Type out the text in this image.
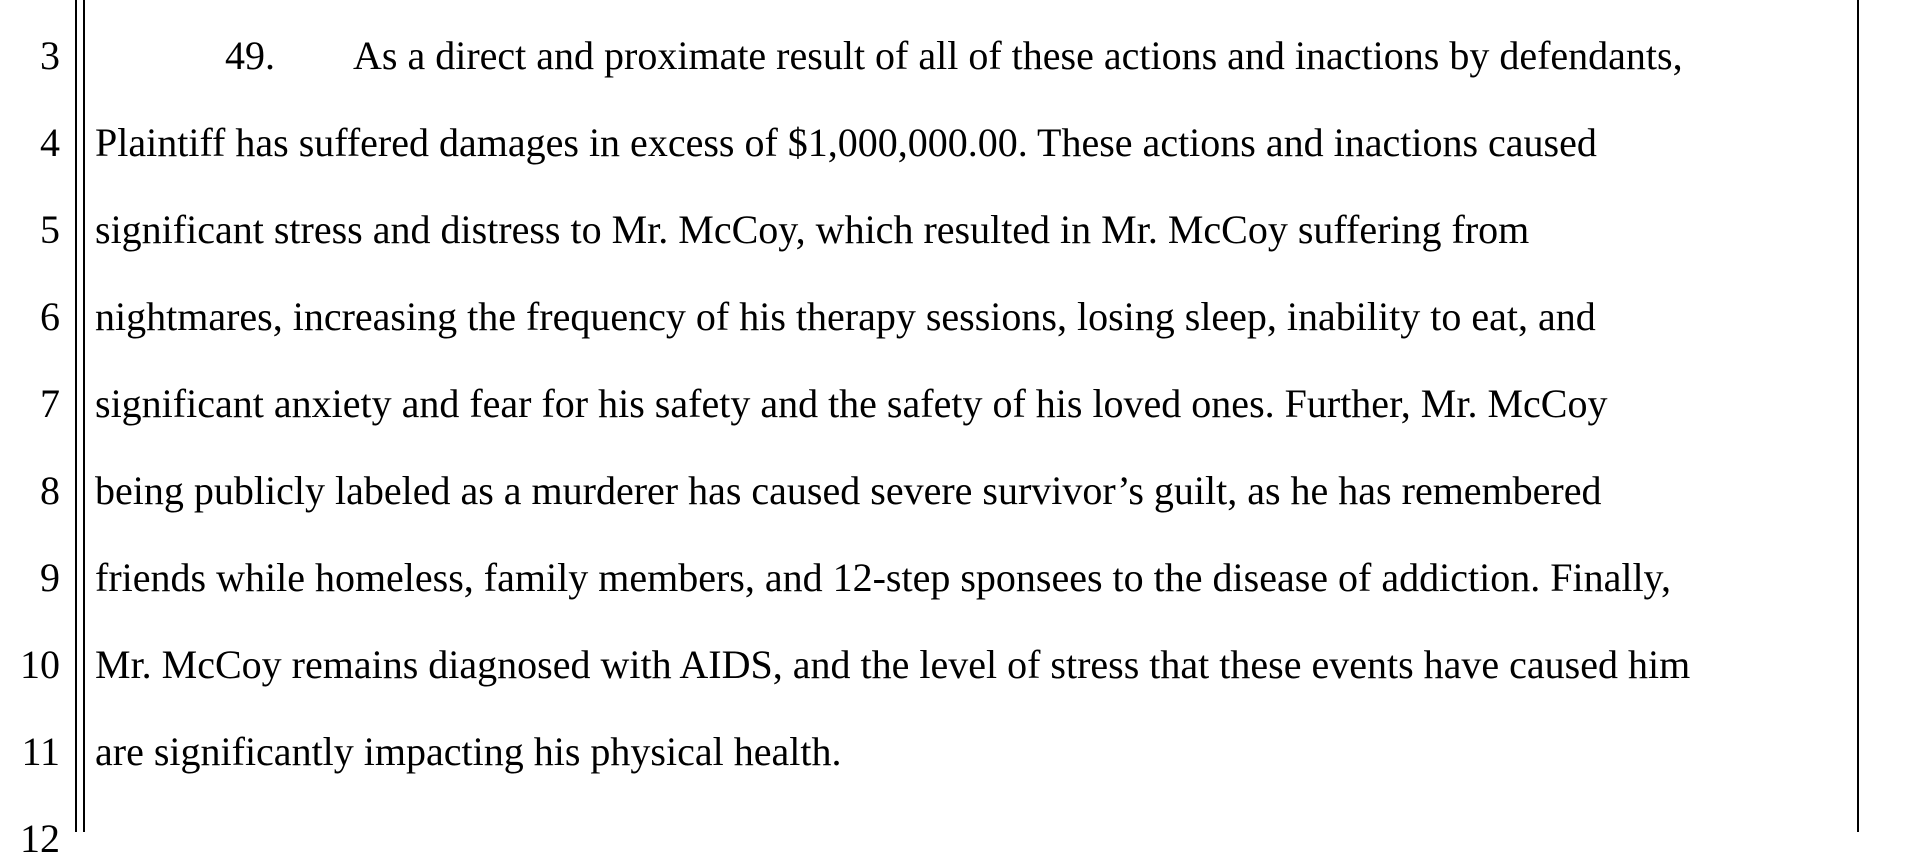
3
4
5
6
7
8
9
10
11
12
49. As a direct and proximate result of all of these actions and inactions by defendants,
Plaintiff has suffered damages in excess of $1,000,000.00. These actions and inactions caused
significant stress and distress to Mr. McCoy, which resulted in Mr. McCoy suffering from
nightmares, increasing the frequency of his therapy sessions, losing sleep, inability to eat, and
significant anxiety and fear for his safety and the safety of his loved ones. Further, Mr. McCoy
being publicly labeled as a murderer has caused severe survivor’s guilt, as he has remembered
friends while homeless, family members, and 12-step sponsees to the disease of addiction. Finally,
Mr. McCoy remains diagnosed with AIDS, and the level of stress that these events have caused him
are significantly impacting his physical health.
